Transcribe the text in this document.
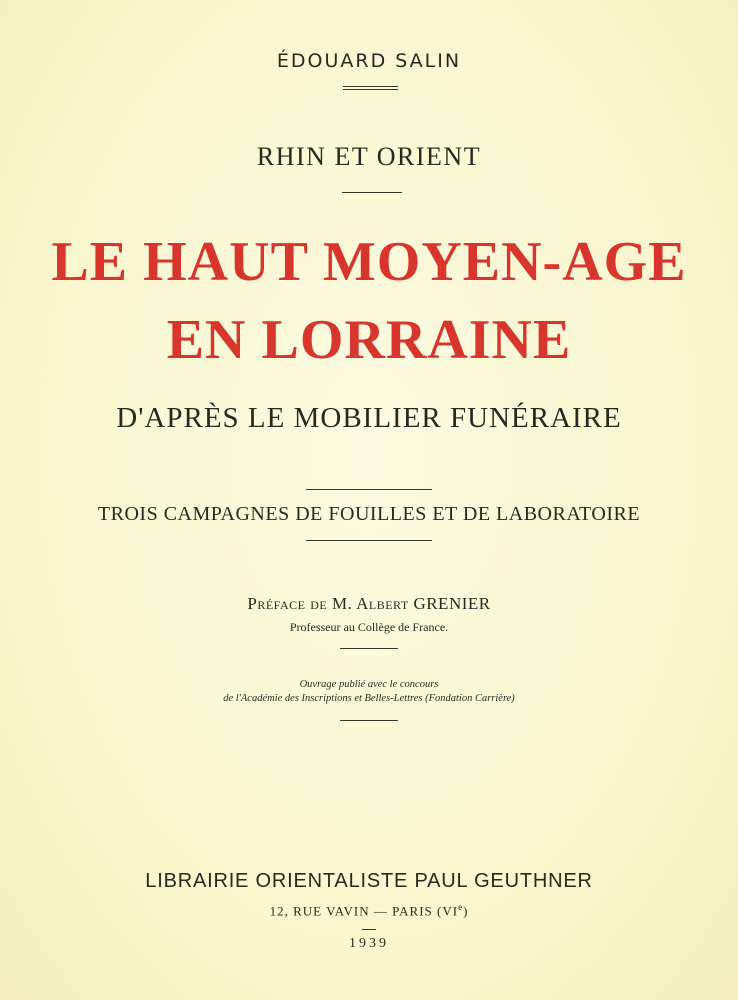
ÉDOUARD SALIN
RHIN ET ORIENT
LE HAUT MOYEN-AGE
EN LORRAINE
D'APRÈS LE MOBILIER FUNÉRAIRE
TROIS CAMPAGNES DE FOUILLES ET DE LABORATOIRE
Préface de M. Albert GRENIER
Professeur au Collège de France.
Ouvrage publié avec le concours
de l'Académie des Inscriptions et Belles-Lettres (Fondation Carrière)
LIBRAIRIE ORIENTALISTE PAUL GEUTHNER
12, RUE VAVIN — PARIS (VIe)
1939
